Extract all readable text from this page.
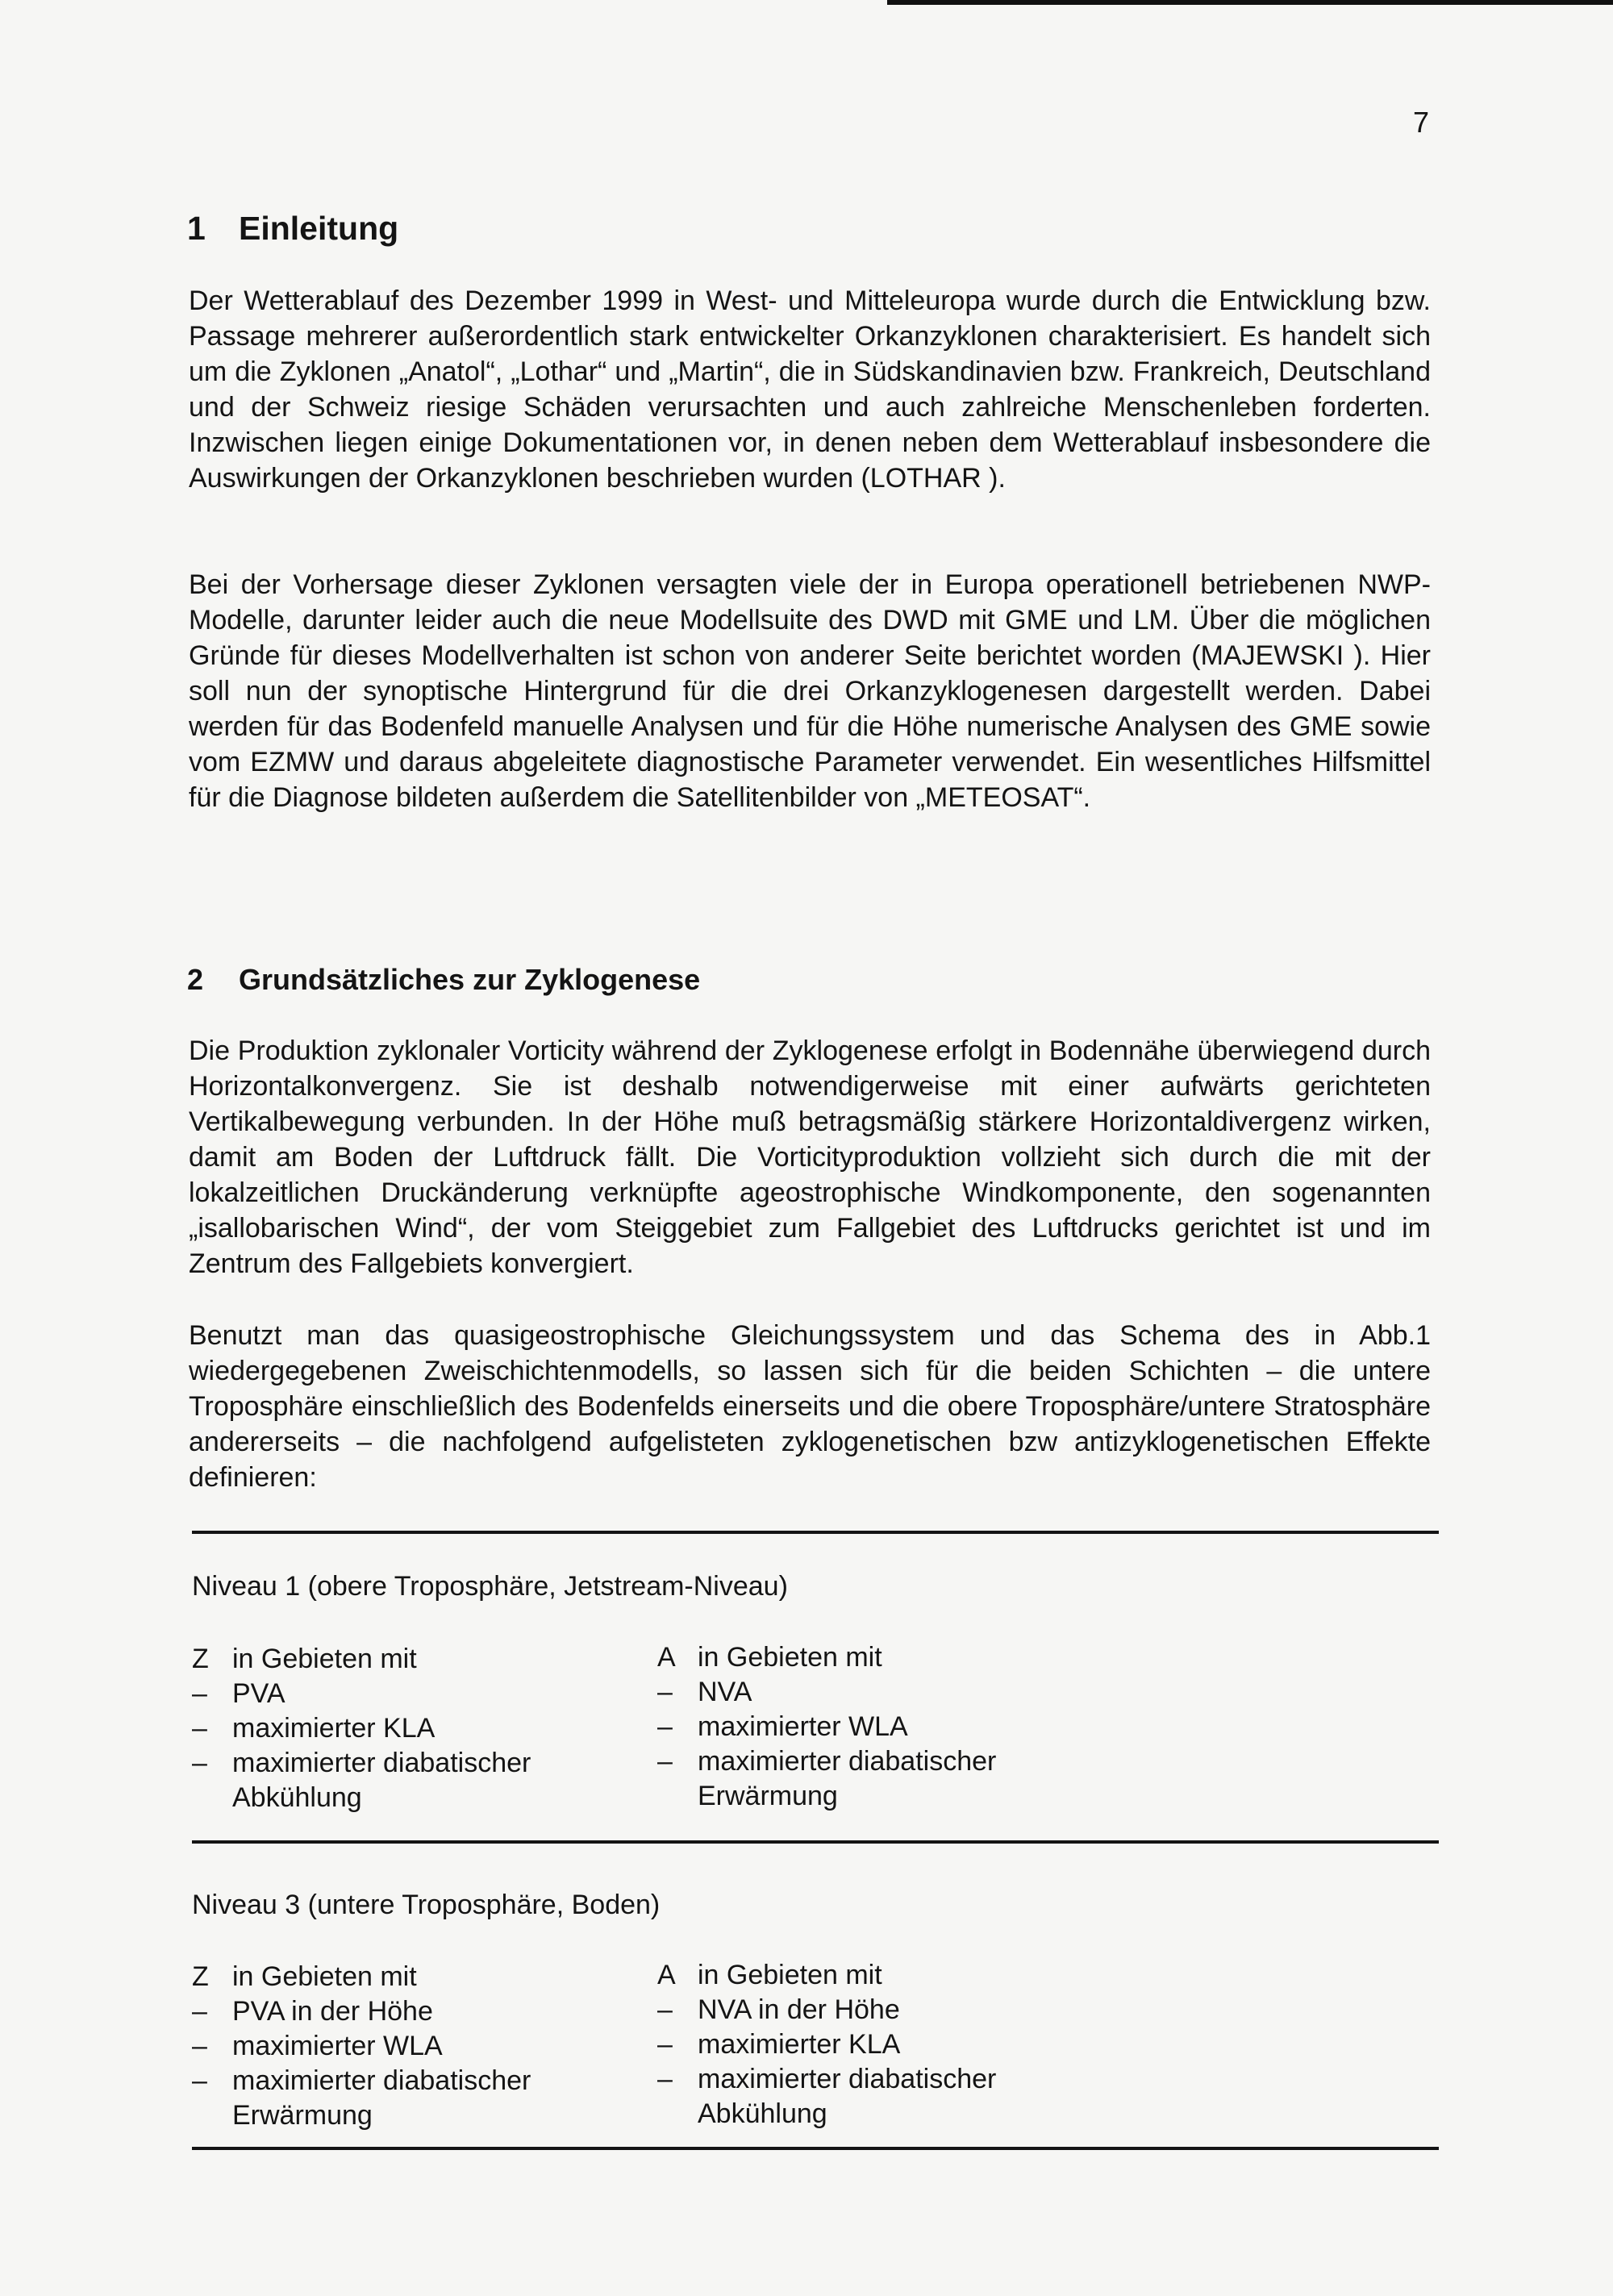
7
1 Einleitung

Der Wetterablauf des Dezember 1999 in West- und Mitteleuropa wurde durch die Entwicklung bzw. Passage mehrerer außerordentlich stark entwickelter Orkanzyklonen charakterisiert. Es handelt sich um die Zyklonen „Anatol“, „Lothar“ und „Martin“, die in Südskandinavien bzw. Frankreich, Deutschland und der Schweiz riesige Schäden verursachten und auch zahlreiche Menschenleben forderten. Inzwischen liegen einige Dokumentationen vor, in denen neben dem Wetterablauf insbesondere die Auswirkungen der Orkanzyklonen beschrieben wurden (LOTHAR ).

Bei der Vorhersage dieser Zyklonen versagten viele der in Europa operationell betriebenen NWP-Modelle, darunter leider auch die neue Modellsuite des DWD mit GME und LM. Über die möglichen Gründe für dieses Modellverhalten ist schon von anderer Seite berichtet worden (MAJEWSKI ). Hier soll nun der synoptische Hintergrund für die drei Orkanzyklogenesen dargestellt werden. Dabei werden für das Bodenfeld manuelle Analysen und für die Höhe numerische Analysen des GME sowie vom EZMW und daraus abgeleitete diagnostische Parameter verwendet. Ein wesentliches Hilfsmittel für die Diagnose bildeten außerdem die Satellitenbilder von „METEOSAT“.

2 Grundsätzliches zur Zyklogenese

Die Produktion zyklonaler Vorticity während der Zyklogenese erfolgt in Bodennähe überwiegend durch Horizontalkonvergenz. Sie ist deshalb notwendigerweise mit einer aufwärts gerichteten Vertikalbewegung verbunden. In der Höhe muß betragsmäßig stärkere Horizontaldivergenz wirken, damit am Boden der Luftdruck fällt. Die Vorticityproduktion vollzieht sich durch die mit der lokalzeitlichen Druckänderung verknüpfte ageostrophische Windkomponente, den sogenannten „isallobarischen Wind“, der vom Steiggebiet zum Fallgebiet des Luftdrucks gerichtet ist und im Zentrum des Fallgebiets konvergiert.

Benutzt man das quasigeostrophische Gleichungssystem und das Schema des in Abb.1 wiedergegebenen Zweischichtenmodells, so lassen sich für die beiden Schichten – die untere Troposphäre einschließlich des Bodenfelds einerseits und die obere Troposphäre/untere Stratosphäre andererseits – die nachfolgend aufgelisteten zyklogenetischen bzw antizyklogenetischen Effekte definieren:

Niveau 1 (obere Troposphäre, Jetstream-Niveau)

Z in Gebieten mit
– PVA
– maximierter KLA
– maximierter diabatischer
Abkühlung
A in Gebieten mit
– NVA
– maximierter WLA
– maximierter diabatischer
Erwärmung

Niveau 3 (untere Troposphäre, Boden)

Z in Gebieten mit
– PVA in der Höhe
– maximierter WLA
– maximierter diabatischer
Erwärmung
A in Gebieten mit
– NVA in der Höhe
– maximierter KLA
– maximierter diabatischer
Abkühlung
